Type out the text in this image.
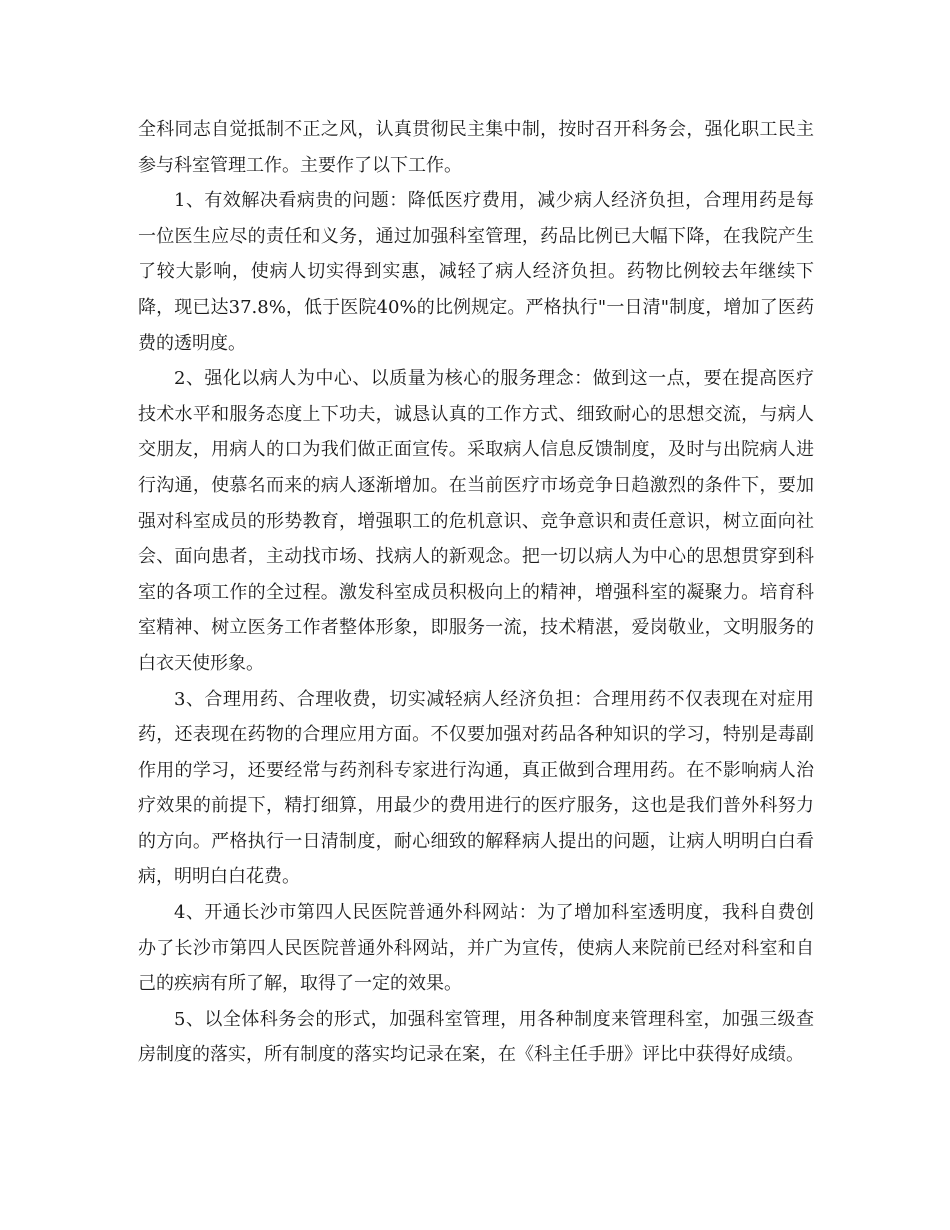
全科同志自觉抵制不正之风，认真贯彻民主集中制，按时召开科务会，强化职工民主参与科室管理工作。主要作了以下工作。

1、有效解决看病贵的问题：降低医疗费用，减少病人经济负担，合理用药是每一位医生应尽的责任和义务，通过加强科室管理，药品比例已大幅下降，在我院产生了较大影响，使病人切实得到实惠，减轻了病人经济负担。药物比例较去年继续下降，现已达37.8%，低于医院40%的比例规定。严格执行"一日清"制度，增加了医药费的透明度。

2、强化以病人为中心、以质量为核心的服务理念：做到这一点，要在提高医疗技术水平和服务态度上下功夫，诚恳认真的工作方式、细致耐心的思想交流，与病人交朋友，用病人的口为我们做正面宣传。采取病人信息反馈制度，及时与出院病人进行沟通，使慕名而来的病人逐渐增加。在当前医疗市场竞争日趋激烈的条件下，要加强对科室成员的形势教育，增强职工的危机意识、竞争意识和责任意识，树立面向社会、面向患者，主动找市场、找病人的新观念。把一切以病人为中心的思想贯穿到科室的各项工作的全过程。激发科室成员积极向上的精神，增强科室的凝聚力。培育科室精神、树立医务工作者整体形象，即服务一流，技术精湛，爱岗敬业，文明服务的白衣天使形象。

3、合理用药、合理收费，切实减轻病人经济负担：合理用药不仅表现在对症用药，还表现在药物的合理应用方面。不仅要加强对药品各种知识的学习，特别是毒副作用的学习，还要经常与药剂科专家进行沟通，真正做到合理用药。在不影响病人治疗效果的前提下，精打细算，用最少的费用进行的医疗服务，这也是我们普外科努力的方向。严格执行一日清制度，耐心细致的解释病人提出的问题，让病人明明白白看病，明明白白花费。

4、开通长沙市第四人民医院普通外科网站：为了增加科室透明度，我科自费创办了长沙市第四人民医院普通外科网站，并广为宣传，使病人来院前已经对科室和自己的疾病有所了解，取得了一定的效果。

5、以全体科务会的形式，加强科室管理，用各种制度来管理科室，加强三级查房制度的落实，所有制度的落实均记录在案，在《科主任手册》评比中获得好成绩。
